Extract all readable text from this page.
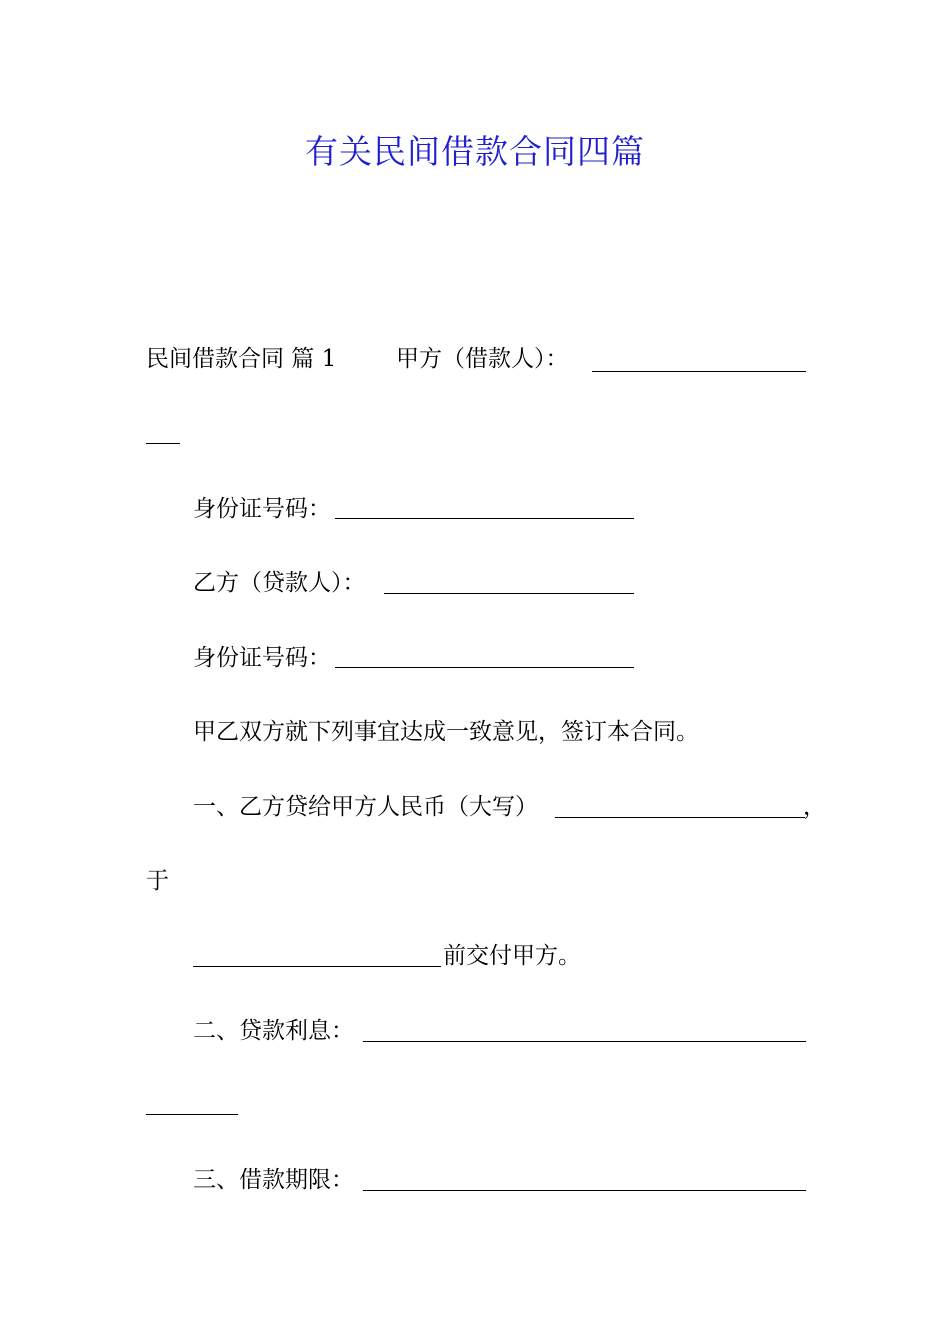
有关民间借款合同四篇
民间借款合同 篇 1	甲方（借款人）：
身份证号码：
乙方（贷款人）：
身份证号码：
甲乙双方就下列事宜达成一致意见，签订本合同。
一、乙方贷给甲方人民币（大写）	，
于
前交付甲方。
二、贷款利息：
三、借款期限：
